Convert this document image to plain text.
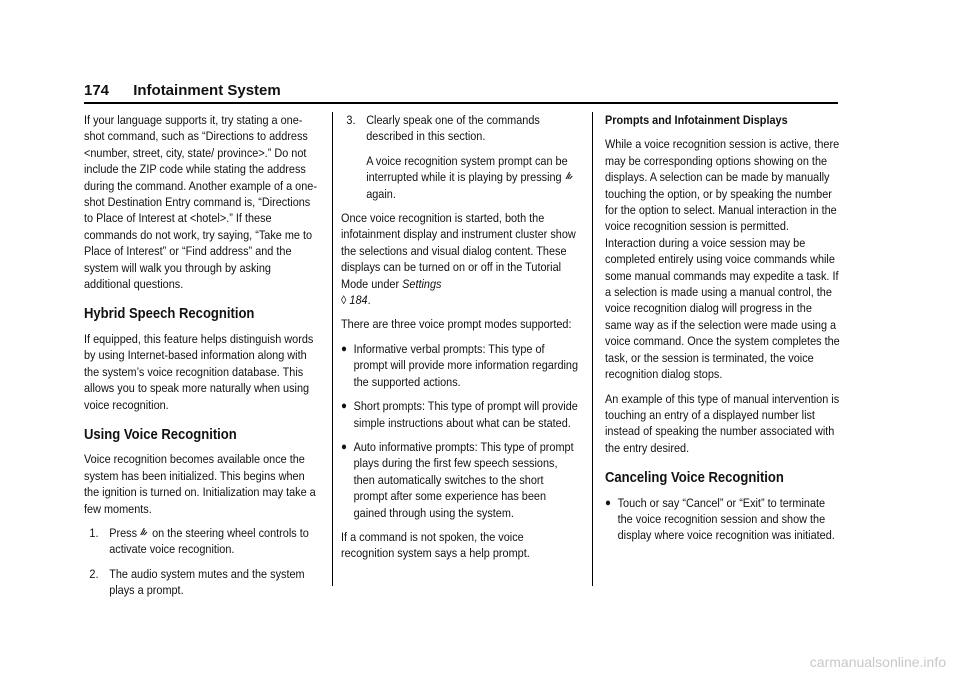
174 Infotainment System

If your language supports it, try stating a one-shot command, such as “Directions to address <number, street, city, state/ province>.” Do not include the ZIP code while stating the address during the command. Another example of a one-shot Destination Entry command is, “Directions to Place of Interest at <hotel>.” If these commands do not work, try saying, “Take me to Place of Interest” or “Find address” and the system will walk you through by asking additional questions.

Hybrid Speech Recognition

If equipped, this feature helps distinguish words by using Internet-based information along with the system’s voice recognition database. This allows you to speak more naturally when using voice recognition.

Using Voice Recognition

Voice recognition becomes available once the system has been initialized. This begins when the ignition is turned on. Initialization may take a few moments.

1. Press on the steering wheel controls to activate voice recognition.
2. The audio system mutes and the system plays a prompt.
3. Clearly speak one of the commands described in this section.

A voice recognition system prompt can be interrupted while it is playing by pressing  again.

Once voice recognition is started, both the infotainment display and instrument cluster show the selections and visual dialog content. These displays can be turned on or off in the Tutorial Mode under Settings
◊ 184.

There are three voice prompt modes supported:

● Informative verbal prompts: This type of prompt will provide more information regarding the supported actions.
● Short prompts: This type of prompt will provide simple instructions about what can be stated.
● Auto informative prompts: This type of prompt plays during the first few speech sessions, then automatically switches to the short prompt after some experience has been gained through using the system.

If a command is not spoken, the voice recognition system says a help prompt.

Prompts and Infotainment Displays

While a voice recognition session is active, there may be corresponding options showing on the displays. A selection can be made by manually touching the option, or by speaking the number for the option to select. Manual interaction in the voice recognition session is permitted. Interaction during a voice session may be completed entirely using voice commands while some manual commands may expedite a task. If a selection is made using a manual control, the voice recognition dialog will progress in the same way as if the selection were made using a voice command. Once the system completes the task, or the session is terminated, the voice recognition dialog stops.

An example of this type of manual intervention is touching an entry of a displayed number list instead of speaking the number associated with the entry desired.

Canceling Voice Recognition
● Touch or say “Cancel” or “Exit” to terminate the voice recognition session and show the display where voice recognition was initiated.
carmanualsonline.info
